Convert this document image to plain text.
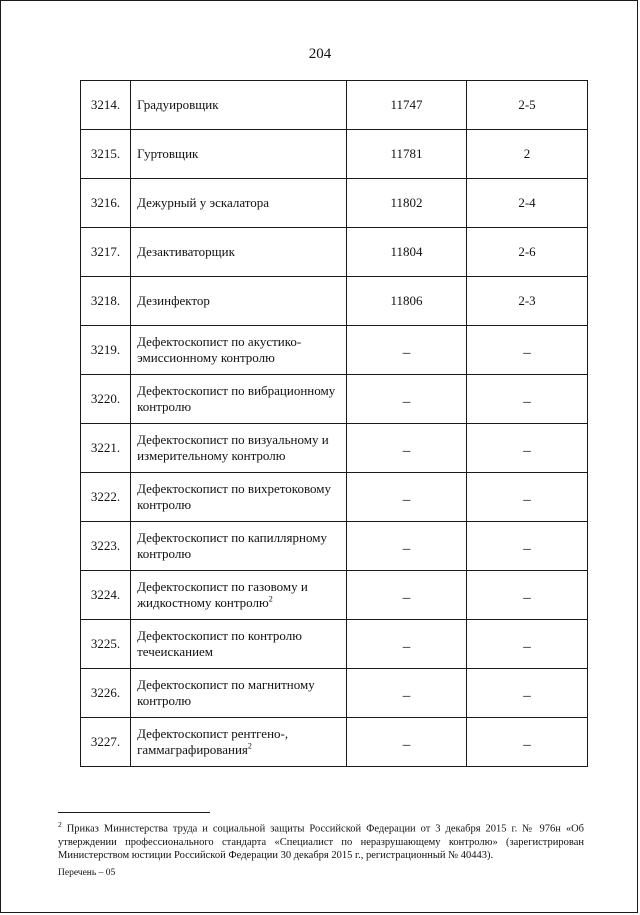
204
3214.	Градуировщик	11747	2-5
3215.	Гуртовщик	11781	2
3216.	Дежурный у эскалатора	11802	2-4
3217.	Дезактиваторщик	11804	2-6
3218.	Дезинфектор	11806	2-3
3219.	Дефектоскопист по акустико-эмиссионному контролю	–	–
3220.	Дефектоскопист по вибрационному контролю	–	–
3221.	Дефектоскопист по визуальному и измерительному контролю	–	–
3222.	Дефектоскопист по вихретоковому контролю	–	–
3223.	Дефектоскопист по капиллярному контролю	–	–
3224.	Дефектоскопист по газовому и жидкостному контролю$^2$	–	–
3225.	Дефектоскопист по контролю течеисканием	–	–
3226.	Дефектоскопист по магнитному контролю	–	–
3227.	Дефектоскопист рентгено-, гаммаграфирования$^2$	–	–
$^2$ Приказ Министерства труда и социальной защиты Российской Федерации от 3 декабря 2015 г. № 976н «Об утверждении профессионального стандарта «Специалист по неразрушающему контролю» (зарегистрирован Министерством юстиции Российской Федерации 30 декабря 2015 г., регистрационный № 40443).
Перечень – 05
